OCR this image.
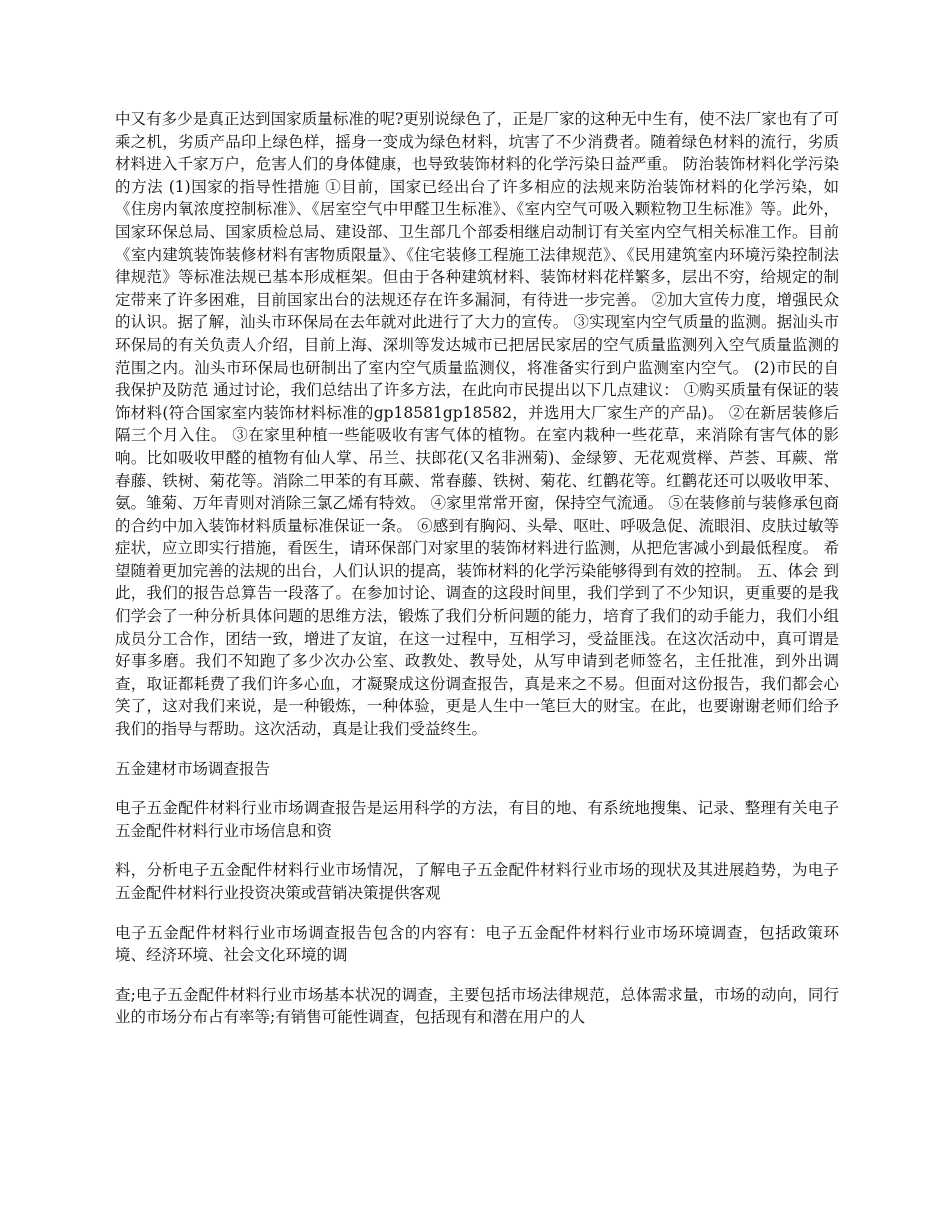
中又有多少是真正达到国家质量标准的呢?更别说绿色了，正是厂家的这种无中生有，使不法厂家也有了可乘之机，劣质产品印上绿色样，摇身一变成为绿色材料，坑害了不少消费者。随着绿色材料的流行，劣质材料进入千家万户，危害人们的身体健康，也导致装饰材料的化学污染日益严重。 防治装饰材料化学污染的方法 (1)国家的指导性措施 ①目前，国家已经出台了许多相应的法规来防治装饰材料的化学污染，如《住房内氧浓度控制标准》、《居室空气中甲醛卫生标准》、《室内空气可吸入颗粒物卫生标准》等。此外，国家环保总局、国家质检总局、建设部、卫生部几个部委相继启动制订有关室内空气相关标准工作。目前《室内建筑装饰装修材料有害物质限量》、《住宅装修工程施工法律规范》、《民用建筑室内环境污染控制法律规范》等标准法规已基本形成框架。但由于各种建筑材料、装饰材料花样繁多，层出不穷，给规定的制定带来了许多困难，目前国家出台的法规还存在许多漏洞，有待进一步完善。 ②加大宣传力度，增强民众的认识。据了解，汕头市环保局在去年就对此进行了大力的宣传。 ③实现室内空气质量的监测。据汕头市环保局的有关负责人介绍，目前上海、深圳等发达城市已把居民家居的空气质量监测列入空气质量监测的范围之内。汕头市环保局也研制出了室内空气质量监测仪，将准备实行到户监测室内空气。 (2)市民的自我保护及防范 通过讨论，我们总结出了许多方法，在此向市民提出以下几点建议： ①购买质量有保证的装饰材料(符合国家室内装饰材料标准的gp18581gp18582，并选用大厂家生产的产品)。 ②在新居装修后隔三个月入住。 ③在家里种植一些能吸收有害气体的植物。在室内栽种一些花草，来消除有害气体的影响。比如吸收甲醛的植物有仙人掌、吊兰、扶郎花(又名非洲菊)、金绿箩、无花观赏榉、芦荟、耳蕨、常春藤、铁树、菊花等。消除二甲苯的有耳蕨、常春藤、铁树、菊花、红鹳花等。红鹳花还可以吸收甲苯、氨。雏菊、万年青则对消除三氯乙烯有特效。 ④家里常常开窗，保持空气流通。 ⑤在装修前与装修承包商的合约中加入装饰材料质量标准保证一条。 ⑥感到有胸闷、头晕、呕吐、呼吸急促、流眼泪、皮肤过敏等症状，应立即实行措施，看医生，请环保部门对家里的装饰材料进行监测，从把危害减小到最低程度。 希望随着更加完善的法规的出台，人们认识的提高，装饰材料的化学污染能够得到有效的控制。 五、体会 到此，我们的报告总算告一段落了。在参加讨论、调查的这段时间里，我们学到了不少知识，更重要的是我们学会了一种分析具体问题的思维方法，锻炼了我们分析问题的能力，培育了我们的动手能力，我们小组成员分工合作，团结一致，增进了友谊，在这一过程中，互相学习，受益匪浅。在这次活动中，真可谓是好事多磨。我们不知跑了多少次办公室、政教处、教导处，从写申请到老师签名，主任批准，到外出调查，取证都耗费了我们许多心血，才凝聚成这份调查报告，真是来之不易。但面对这份报告，我们都会心笑了，这对我们来说，是一种锻炼，一种体验，更是人生中一笔巨大的财宝。在此，也要谢谢老师们给予我们的指导与帮助。这次活动，真是让我们受益终生。

五金建材市场调查报告

电子五金配件材料行业市场调查报告是运用科学的方法，有目的地、有系统地搜集、记录、整理有关电子五金配件材料行业市场信息和资

料，分析电子五金配件材料行业市场情况，了解电子五金配件材料行业市场的现状及其进展趋势，为电子五金配件材料行业投资决策或营销决策提供客观

电子五金配件材料行业市场调查报告包含的内容有：电子五金配件材料行业市场环境调查，包括政策环境、经济环境、社会文化环境的调

查;电子五金配件材料行业市场基本状况的调查，主要包括市场法律规范，总体需求量，市场的动向，同行业的市场分布占有率等;有销售可能性调查，包括现有和潜在用户的人
